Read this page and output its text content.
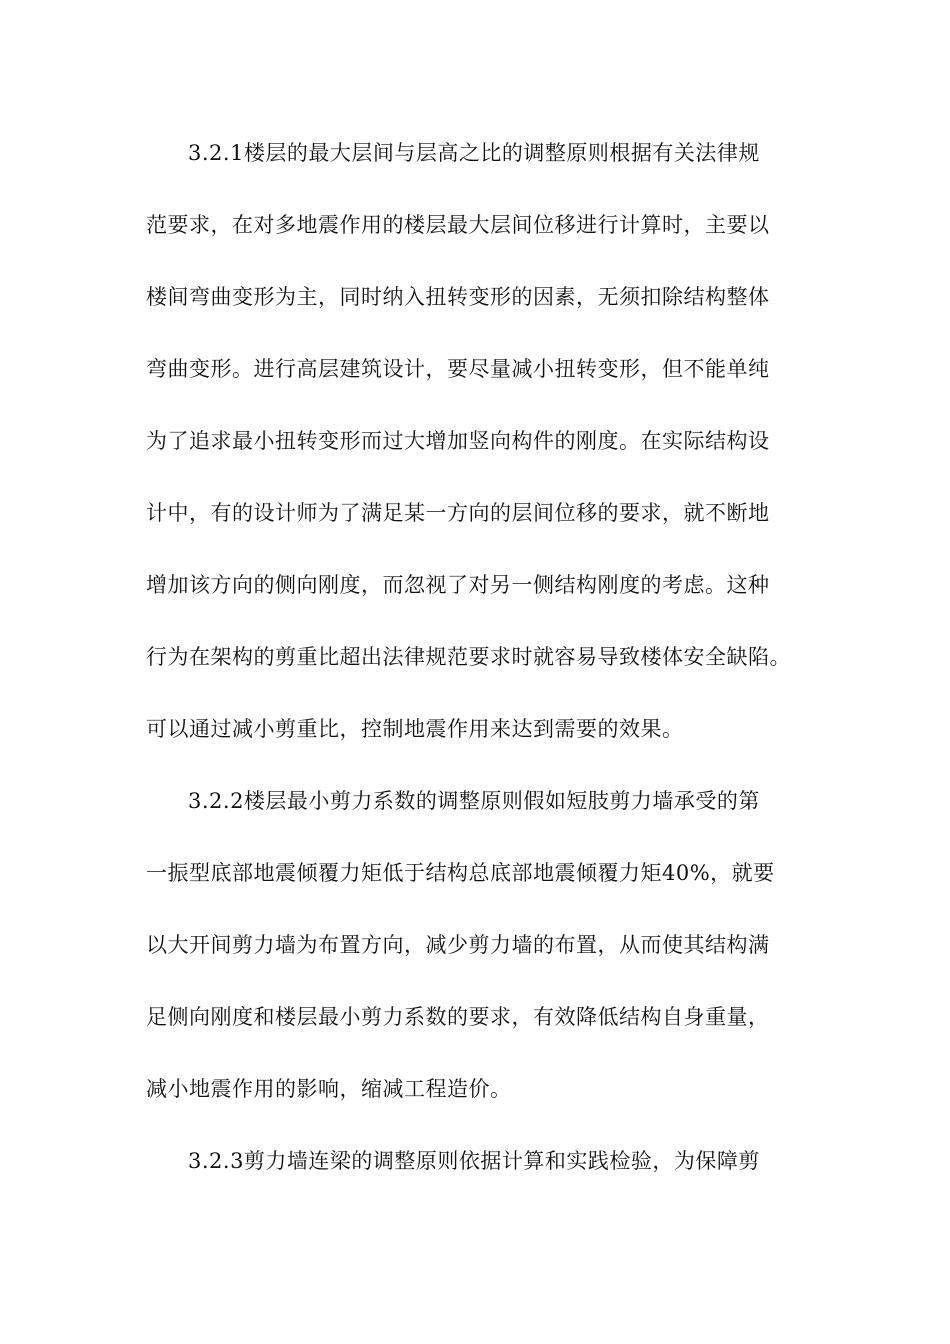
3.2.1楼层的最大层间与层高之比的调整原则根据有关法律规
范要求，在对多地震作用的楼层最大层间位移进行计算时，主要以
楼间弯曲变形为主，同时纳入扭转变形的因素，无须扣除结构整体
弯曲变形。进行高层建筑设计，要尽量减小扭转变形，但不能单纯
为了追求最小扭转变形而过大增加竖向构件的刚度。在实际结构设
计中，有的设计师为了满足某一方向的层间位移的要求，就不断地
增加该方向的侧向刚度，而忽视了对另一侧结构刚度的考虑。这种
行为在架构的剪重比超出法律规范要求时就容易导致楼体安全缺陷。
可以通过减小剪重比，控制地震作用来达到需要的效果。
3.2.2楼层最小剪力系数的调整原则假如短肢剪力墙承受的第
一振型底部地震倾覆力矩低于结构总底部地震倾覆力矩40%，就要
以大开间剪力墙为布置方向，减少剪力墙的布置，从而使其结构满
足侧向刚度和楼层最小剪力系数的要求，有效降低结构自身重量，
减小地震作用的影响，缩减工程造价。
3.2.3剪力墙连梁的调整原则依据计算和实践检验，为保障剪
